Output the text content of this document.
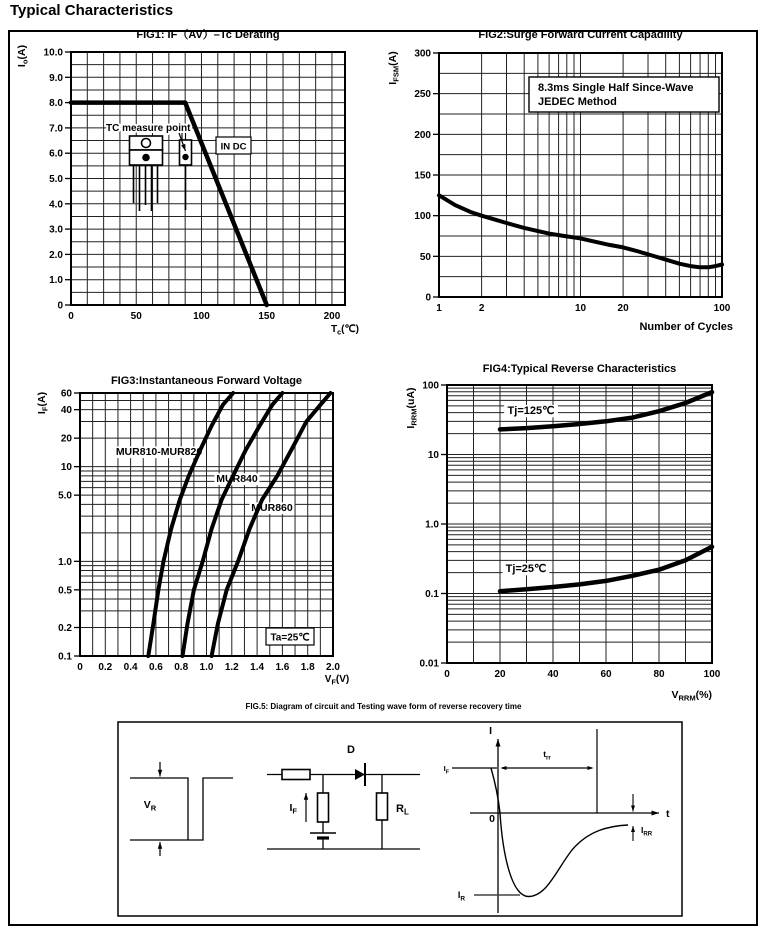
Typical Characteristics
10.0
9.0
8.0
7.0
6.0
5.0
4.0
3.0
2.0
1.0
0
0	50	100	150	200
$I_o(A)$
$T_c(℃)$
TC measure point
IN DC
300
250
200
150
100
50
0
1	2	10	20	100
$I_{FSM}(A)$
Number of Cycles
8.3ms Single Half Since-Wave
JEDEC Method
60
40
20
10
5.0
1.0
0.5
0.2
0.1
0 0.2 0.4 0.6 0.8 1.0 1.2 1.4 1.6 1.8 2.0
$I_F(A)$
$V_F(V)$
Ta=25℃
MUR810-MUR820
MUR840
MUR860
100
10
1.0
0.1
0.01
0	20	40	60	80	100
$I_{RRM}(uA)$
$V_{RRM}(\%)$
Tj=125℃
Tj=25℃
$V_R$	$I_F$
D
$R_L$
I
t
$I_F$
$t_{rr}$
$I_{RR}$
0
$I_R$
FIG1: IF（AV）–Tc Derating	FIG2:Surge Forward Current Capadility
FIG3:Instantaneous Forward Voltage
FIG4:Typical Reverse Characteristics
FIG.5: Diagram of circuit and Testing wave form of reverse recovery time
